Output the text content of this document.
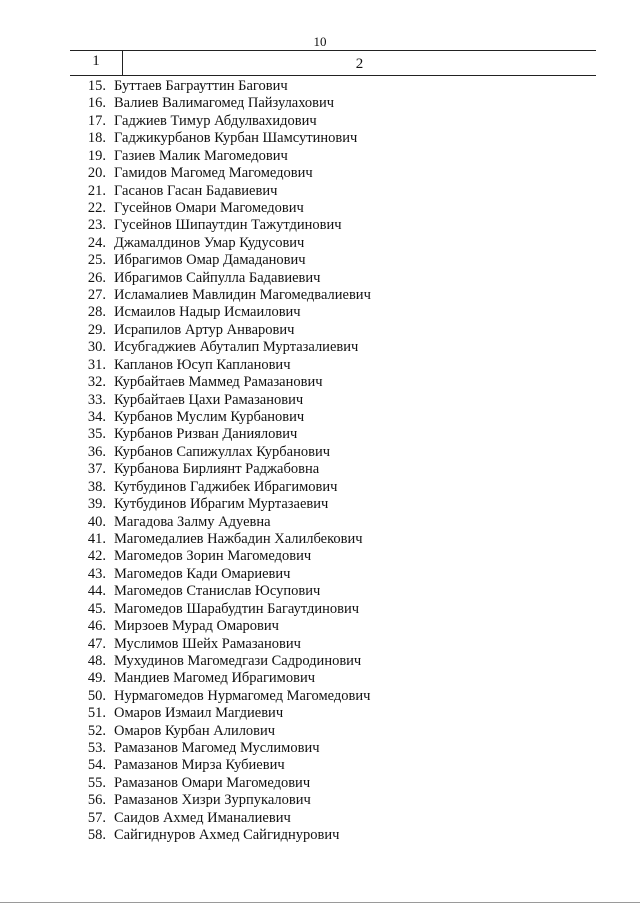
10
1	2
15. Буттаев Баграуттин Багович
16. Валиев Валимагомед Пайзулахович
17. Гаджиев Тимур Абдулвахидович
18. Гаджикурбанов Курбан Шамсутинович
19. Газиев Малик Магомедович
20. Гамидов Магомед Магомедович
21. Гасанов Гасан Бадавиевич
22. Гусейнов Омари Магомедович
23. Гусейнов Шипаутдин Тажутдинович
24. Джамалдинов Умар Кудусович
25. Ибрагимов Омар Дамаданович
26. Ибрагимов Сайпулла Бадавиевич
27. Исламалиев Мавлидин Магомедвалиевич
28. Исмаилов Надыр Исмаилович
29. Исрапилов Артур Анварович
30. Исубгаджиев Абуталип Муртазалиевич
31. Капланов Юсуп Капланович
32. Курбайтаев Маммед Рамазанович
33. Курбайтаев Цахи Рамазанович
34. Курбанов Муслим Курбанович
35. Курбанов Ризван Даниялович
36. Курбанов Сапижуллах Курбанович
37. Курбанова Бирлиянт Раджабовна
38. Кутбудинов Гаджибек Ибрагимович
39. Кутбудинов Ибрагим Муртазаевич
40. Магадова Залму Адуевна
41. Магомедалиев Нажбадин Халилбекович
42. Магомедов Зорин Магомедович
43. Магомедов Кади Омариевич
44. Магомедов Станислав Юсупович
45. Магомедов Шарабудтин Багаутдинович
46. Мирзоев Мурад Омарович
47. Муслимов Шейх Рамазанович
48. Мухудинов Магомедгази Садродинович
49. Мандиев Магомед Ибрагимович
50. Нурмагомедов Нурмагомед Магомедович
51. Омаров Измаил Магдиевич
52. Омаров Курбан Алилович
53. Рамазанов Магомед Муслимович
54. Рамазанов Мирза Кубиевич
55. Рамазанов Омари Магомедович
56. Рамазанов Хизри Зурпукалович
57. Саидов Ахмед Иманалиевич
58. Сайгиднуров Ахмед Сайгиднурович
